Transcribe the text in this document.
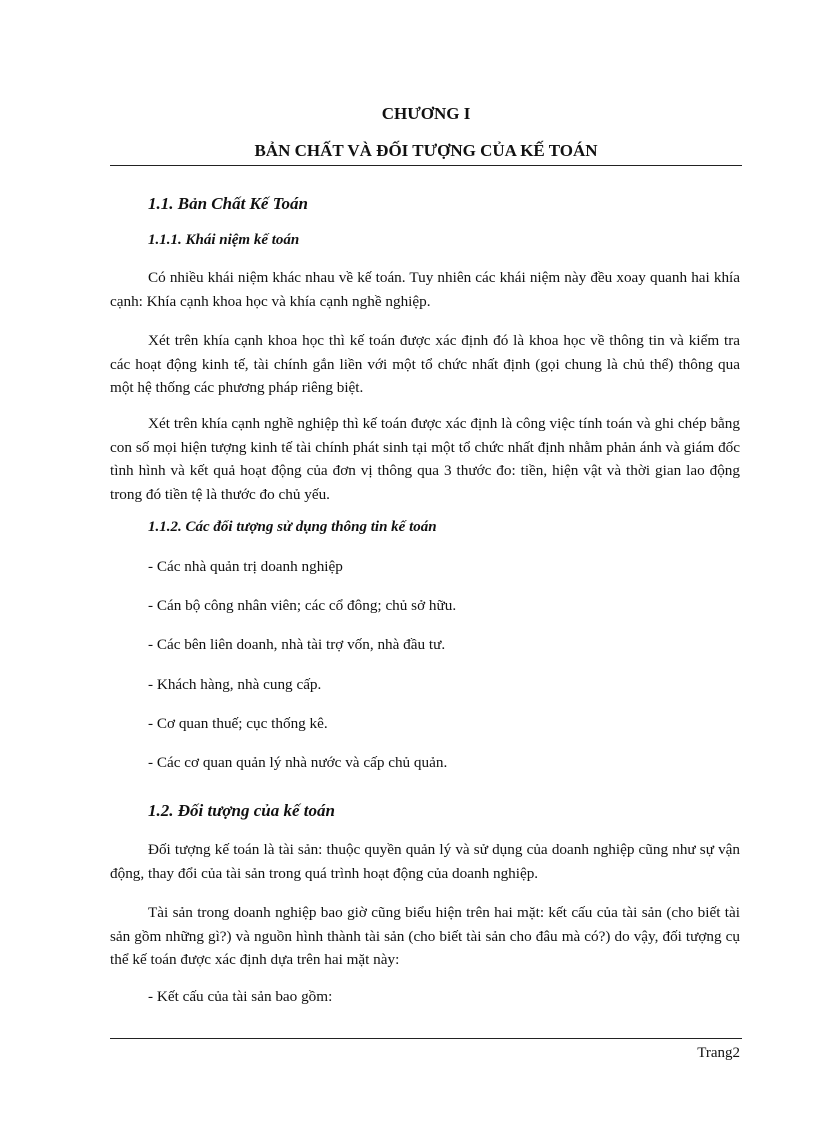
CHƯƠNG I
BẢN CHẤT VÀ ĐỐI TƯỢNG CỦA KẾ TOÁN
1.1. Bản Chất Kế Toán
1.1.1. Khái niệm kế toán

Có nhiều khái niệm khác nhau về kế toán. Tuy nhiên các khái niệm này đều xoay quanh hai khía cạnh: Khía cạnh khoa học và khía cạnh nghề nghiệp.

Xét trên khía cạnh khoa học thì kế toán được xác định đó là khoa học về thông tin và kiểm tra các hoạt động kinh tế, tài chính gắn liền với một tổ chức nhất định (gọi chung là chủ thể) thông qua một hệ thống các phương pháp riêng biệt.

Xét trên khía cạnh nghề nghiệp thì kế toán được xác định là công việc tính toán và ghi chép bằng con số mọi hiện tượng kinh tế tài chính phát sinh tại một tổ chức nhất định nhằm phản ánh và giám đốc tình hình và kết quả hoạt động của đơn vị thông qua 3 thước đo: tiền, hiện vật và thời gian lao động trong đó tiền tệ là thước đo chủ yếu.

1.1.2. Các đối tượng sử dụng thông tin kế toán

- Các nhà quản trị doanh nghiệp

- Cán bộ công nhân viên; các cổ đông; chủ sở hữu.

- Các bên liên doanh, nhà tài trợ vốn, nhà đầu tư.

- Khách hàng, nhà cung cấp.

- Cơ quan thuế; cục thống kê.

- Các cơ quan quản lý nhà nước và cấp chủ quản.

1.2. Đối tượng của kế toán

Đối tượng kế toán là tài sản: thuộc quyền quản lý và sử dụng của doanh nghiệp cũng như sự vận động, thay đổi của tài sản trong quá trình hoạt động của doanh nghiệp.

Tài sản trong doanh nghiệp bao giờ cũng biểu hiện trên hai mặt: kết cấu của tài sản (cho biết tài sản gồm những gì?) và nguồn hình thành tài sản (cho biết tài sản cho đâu mà có?) do vậy, đối tượng cụ thể kế toán được xác định dựa trên hai mặt này:

- Kết cấu của tài sản bao gồm:

Trang2
